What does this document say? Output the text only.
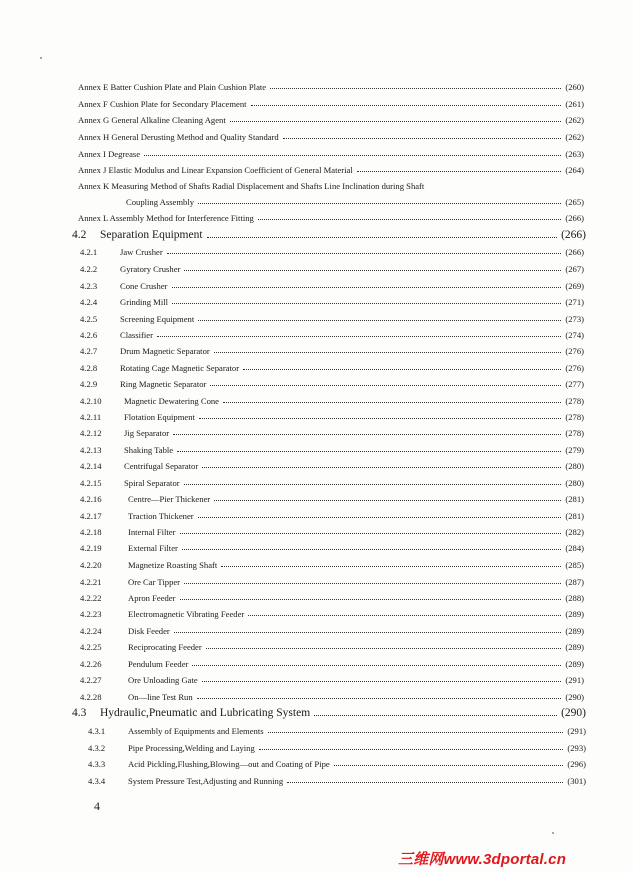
Annex E Batter Cushion Plate and Plain Cushion Plate	(260)
Annex F Cushion Plate for Secondary Placement	(261)
Annex G General Alkaline Cleaning Agent	(262)
Annex H General Derusting Method and Quality Standard	(262)
Annex I Degrease	(263)
Annex J Elastic Modulus and Linear Expansion Coefficient of General Material	(264)
Annex K Measuring Method of Shafts Radial Displacement and Shafts Line Inclination during Shaft
Coupling Assembly	(265)
Annex L Assembly Method for Interference Fitting	(266)
4.2	Separation Equipment	(266)
4.2.1	Jaw Crusher	(266)
4.2.2	Gyratory Crusher	(267)
4.2.3	Cone Crusher	(269)
4.2.4	Grinding Mill	(271)
4.2.5	Screening Equipment	(273)
4.2.6	Classifier	(274)
4.2.7	Drum Magnetic Separator	(276)
4.2.8	Rotating Cage Magnetic Separator	(276)
4.2.9	Ring Magnetic Separator	(277)
4.2.10	Magnetic Dewatering Cone	(278)
4.2.11	Flotation Equipment	(278)
4.2.12	Jig Separator	(278)
4.2.13	Shaking Table	(279)
4.2.14	Centrifugal Separator	(280)
4.2.15	Spiral Separator	(280)
4.2.16	Centre—Pier Thickener	(281)
4.2.17	Traction Thickener	(281)
4.2.18	Internal Filter	(282)
4.2.19	External Filter	(284)
4.2.20	Magnetize Roasting Shaft	(285)
4.2.21	Ore Car Tipper	(287)
4.2.22	Apron Feeder	(288)
4.2.23	Electromagnetic Vibrating Feeder	(289)
4.2.24	Disk Feeder	(289)
4.2.25	Reciprocating Feeder	(289)
4.2.26	Pendulum Feeder	(289)
4.2.27	Ore Unloading Gate	(291)
4.2.28	On—line Test Run	(290)
4.3	Hydraulic,Pneumatic and Lubricating System	(290)
4.3.1	Assembly of Equipments and Elements	(291)
4.3.2	Pipe Processing,Welding and Laying	(293)
4.3.3	Acid Pickling,Flushing,Blowing—out and Coating of Pipe	(296)
4.3.4	System Pressure Test,Adjusting and Running	(301)
4
三维网www.3dportal.cn
